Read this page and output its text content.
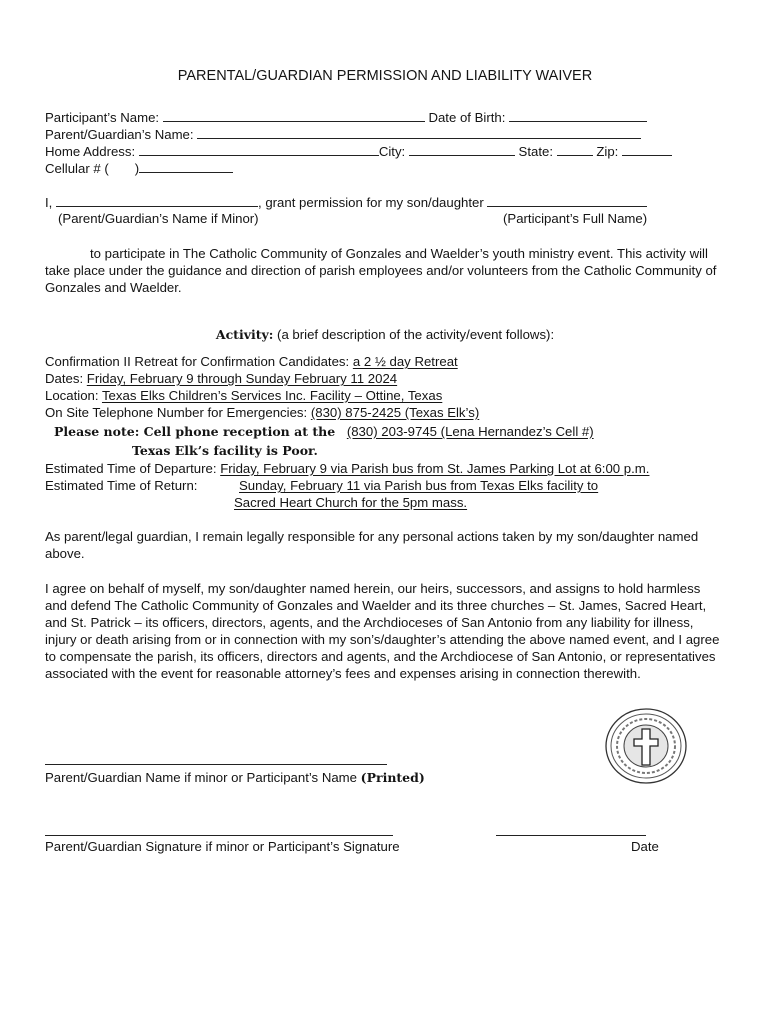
PARENTAL/GUARDIAN PERMISSION AND LIABILITY WAIVER
Participant’s Name:	Date of Birth:
Parent/Guardian’s Name:
Home Address:	City:	State:	Zip:
Cellular # ( )
I,	, grant permission for my son/daughter
(Parent/Guardian’s Name if Minor)	(Participant’s Full Name)
to participate in The Catholic Community of Gonzales and Waelder’s youth ministry event. This activity will take place under the guidance and direction of parish employees and/or volunteers from the Catholic Community of Gonzales and Waelder.
Activity: (a brief description of the activity/event follows):
Confirmation II Retreat for Confirmation Candidates: a 2 ½ day Retreat
Dates: Friday, February 9 through Sunday February 11 2024
Location: Texas Elks Children’s Services Inc. Facility – Ottine, Texas
On Site Telephone Number for Emergencies: (830) 875-2425 (Texas Elk’s)
Please note: Cell phone reception at the (830) 203-9745 (Lena Hernandez’s Cell #)
Texas Elk’s facility is Poor.
Estimated Time of Departure: Friday, February 9 via Parish bus from St. James Parking Lot at 6:00 p.m.
Estimated Time of Return:	Sunday, February 11 via Parish bus from Texas Elks facility to
Sacred Heart Church for the 5pm mass.
As parent/legal guardian, I remain legally responsible for any personal actions taken by my son/daughter named above.
I agree on behalf of myself, my son/daughter named herein, our heirs, successors, and assigns to hold harmless and defend The Catholic Community of Gonzales and Waelder and its three churches – St. James, Sacred Heart, and St. Patrick – its officers, directors, agents, and the Archdioceses of San Antonio from any liability for illness, injury or death arising from or in connection with my son’s/daughter’s attending the above named event, and I agree to compensate the parish, its officers, directors and agents, and the Archdiocese of San Antonio, or representatives associated with the event for reasonable attorney’s fees and expenses arising in connection therewith.
Parent/Guardian Name if minor or Participant’s Name (Printed)
Parent/Guardian Signature if minor or Participant’s Signature	Date
